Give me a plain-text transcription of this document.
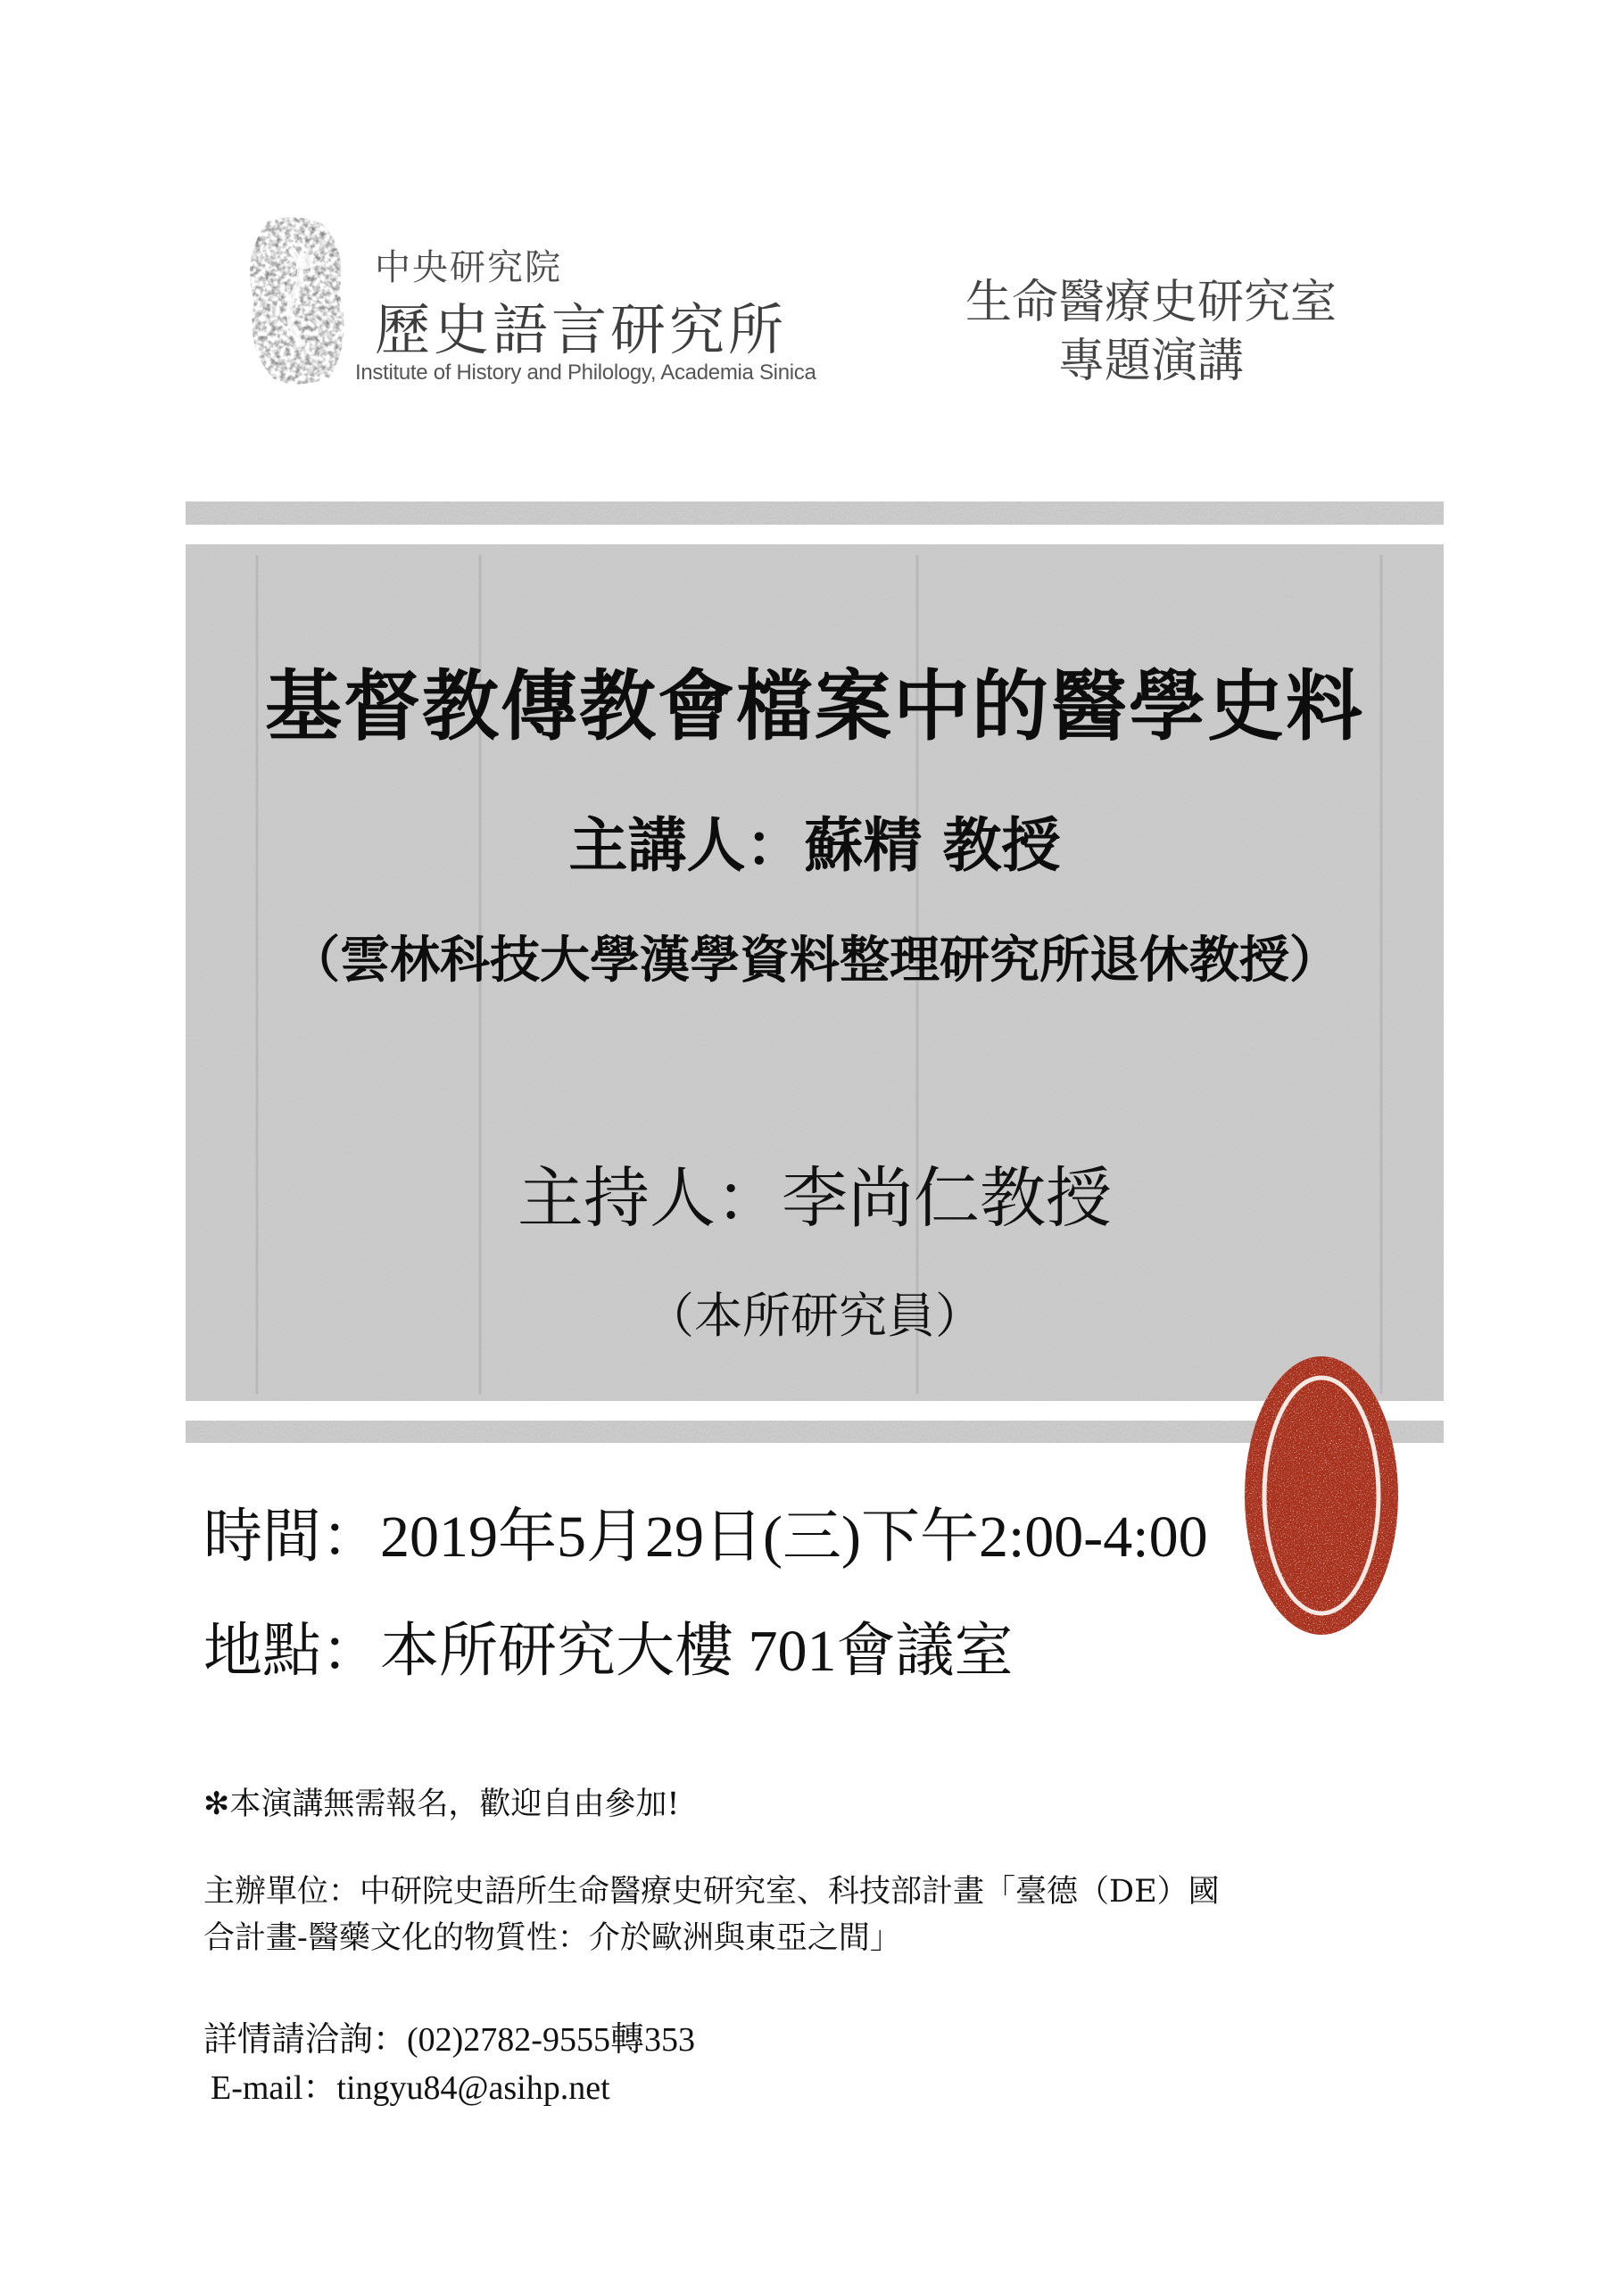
中央研究院
歷史語言研究所
Institute of History and Philology, Academia Sinica
生命醫療史研究室
專題演講
基督教傳教會檔案中的醫學史料
主講人：蘇精 教授
（雲林科技大學漢學資料整理研究所退休教授）
主持人：李尚仁教授
（本所研究員）
時間：2019年5月29日(三)下午2:00-4:00
地點：本所研究大樓 701會議室
✻本演講無需報名，歡迎自由參加!
主辦單位：中研院史語所生命醫療史研究室、科技部計畫「臺德（DE）國
合計畫-醫藥文化的物質性：介於歐洲與東亞之間」
詳情請洽詢：(02)2782-9555轉353
E-mail：tingyu84@asihp.net
